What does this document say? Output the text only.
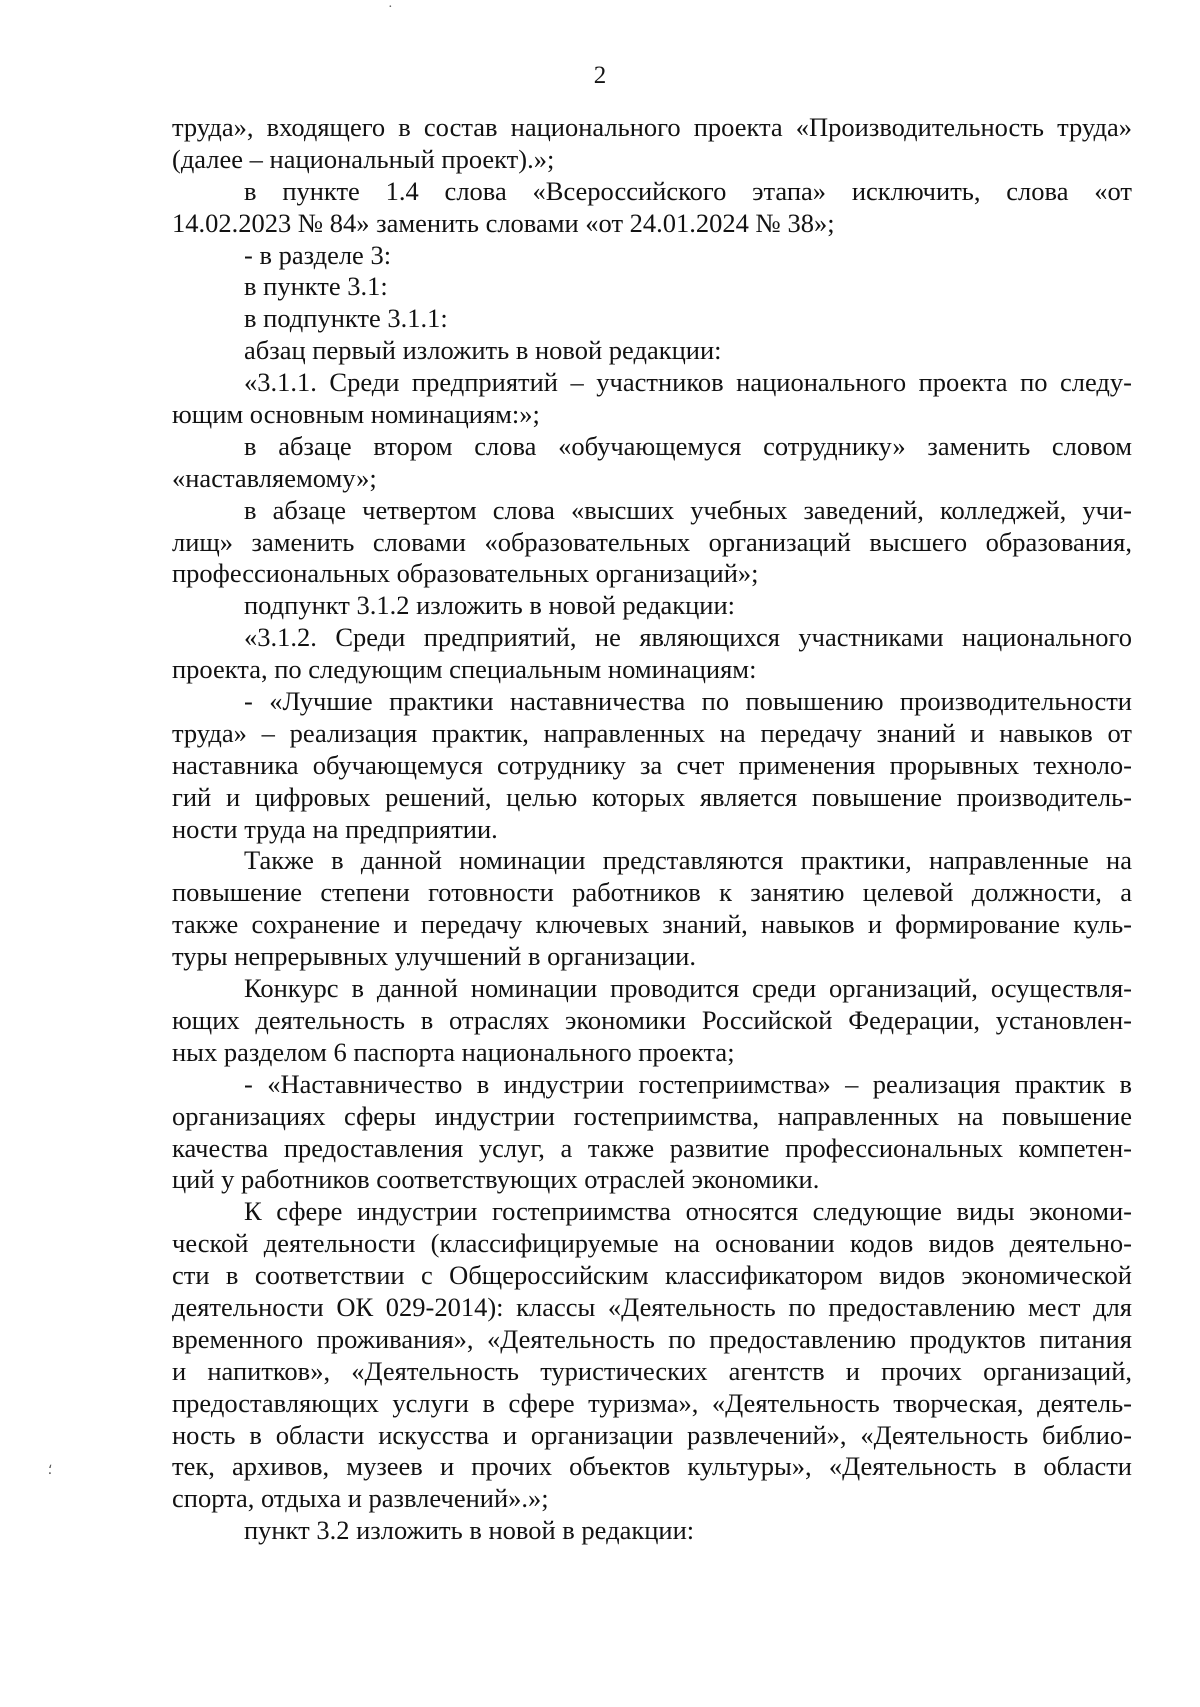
2
труда», входящего в состав национального проекта «Производительность труда»
(далее – национальный проект).»;
в пункте 1.4 слова «Всероссийского этапа» исключить, слова «от
14.02.2023 № 84» заменить словами «от 24.01.2024 № 38»;
- в разделе 3:
в пункте 3.1:
в подпункте 3.1.1:
абзац первый изложить в новой редакции:
«3.1.1. Среди предприятий – участников национального проекта по следу-
ющим основным номинациям:»;
в абзаце втором слова «обучающемуся сотруднику» заменить словом
«наставляемому»;
в абзаце четвертом слова «высших учебных заведений, колледжей, учи-
лищ» заменить словами «образовательных организаций высшего образования,
профессиональных образовательных организаций»;
подпункт 3.1.2 изложить в новой редакции:
«3.1.2. Среди предприятий, не являющихся участниками национального
проекта, по следующим специальным номинациям:
- «Лучшие практики наставничества по повышению производительности
труда» – реализация практик, направленных на передачу знаний и навыков от
наставника обучающемуся сотруднику за счет применения прорывных техноло-
гий и цифровых решений, целью которых является повышение производитель-
ности труда на предприятии.
Также в данной номинации представляются практики, направленные на
повышение степени готовности работников к занятию целевой должности, а
также сохранение и передачу ключевых знаний, навыков и формирование куль-
туры непрерывных улучшений в организации.
Конкурс в данной номинации проводится среди организаций, осуществля-
ющих деятельность в отраслях экономики Российской Федерации, установлен-
ных разделом 6 паспорта национального проекта;
- «Наставничество в индустрии гостеприимства» – реализация практик в
организациях сферы индустрии гостеприимства, направленных на повышение
качества предоставления услуг, а также развитие профессиональных компетен-
ций у работников соответствующих отраслей экономики.
К сфере индустрии гостеприимства относятся следующие виды экономи-
ческой деятельности (классифицируемые на основании кодов видов деятельно-
сти в соответствии с Общероссийским классификатором видов экономической
деятельности ОК 029-2014): классы «Деятельность по предоставлению мест для
временного проживания», «Деятельность по предоставлению продуктов питания
и напитков», «Деятельность туристических агентств и прочих организаций,
предоставляющих услуги в сфере туризма», «Деятельность творческая, деятель-
ность в области искусства и организации развлечений», «Деятельность библио-
тек, архивов, музеев и прочих объектов культуры», «Деятельность в области
спорта, отдыха и развлечений».»;
пункт 3.2 изложить в новой в редакции:
·
⸵
